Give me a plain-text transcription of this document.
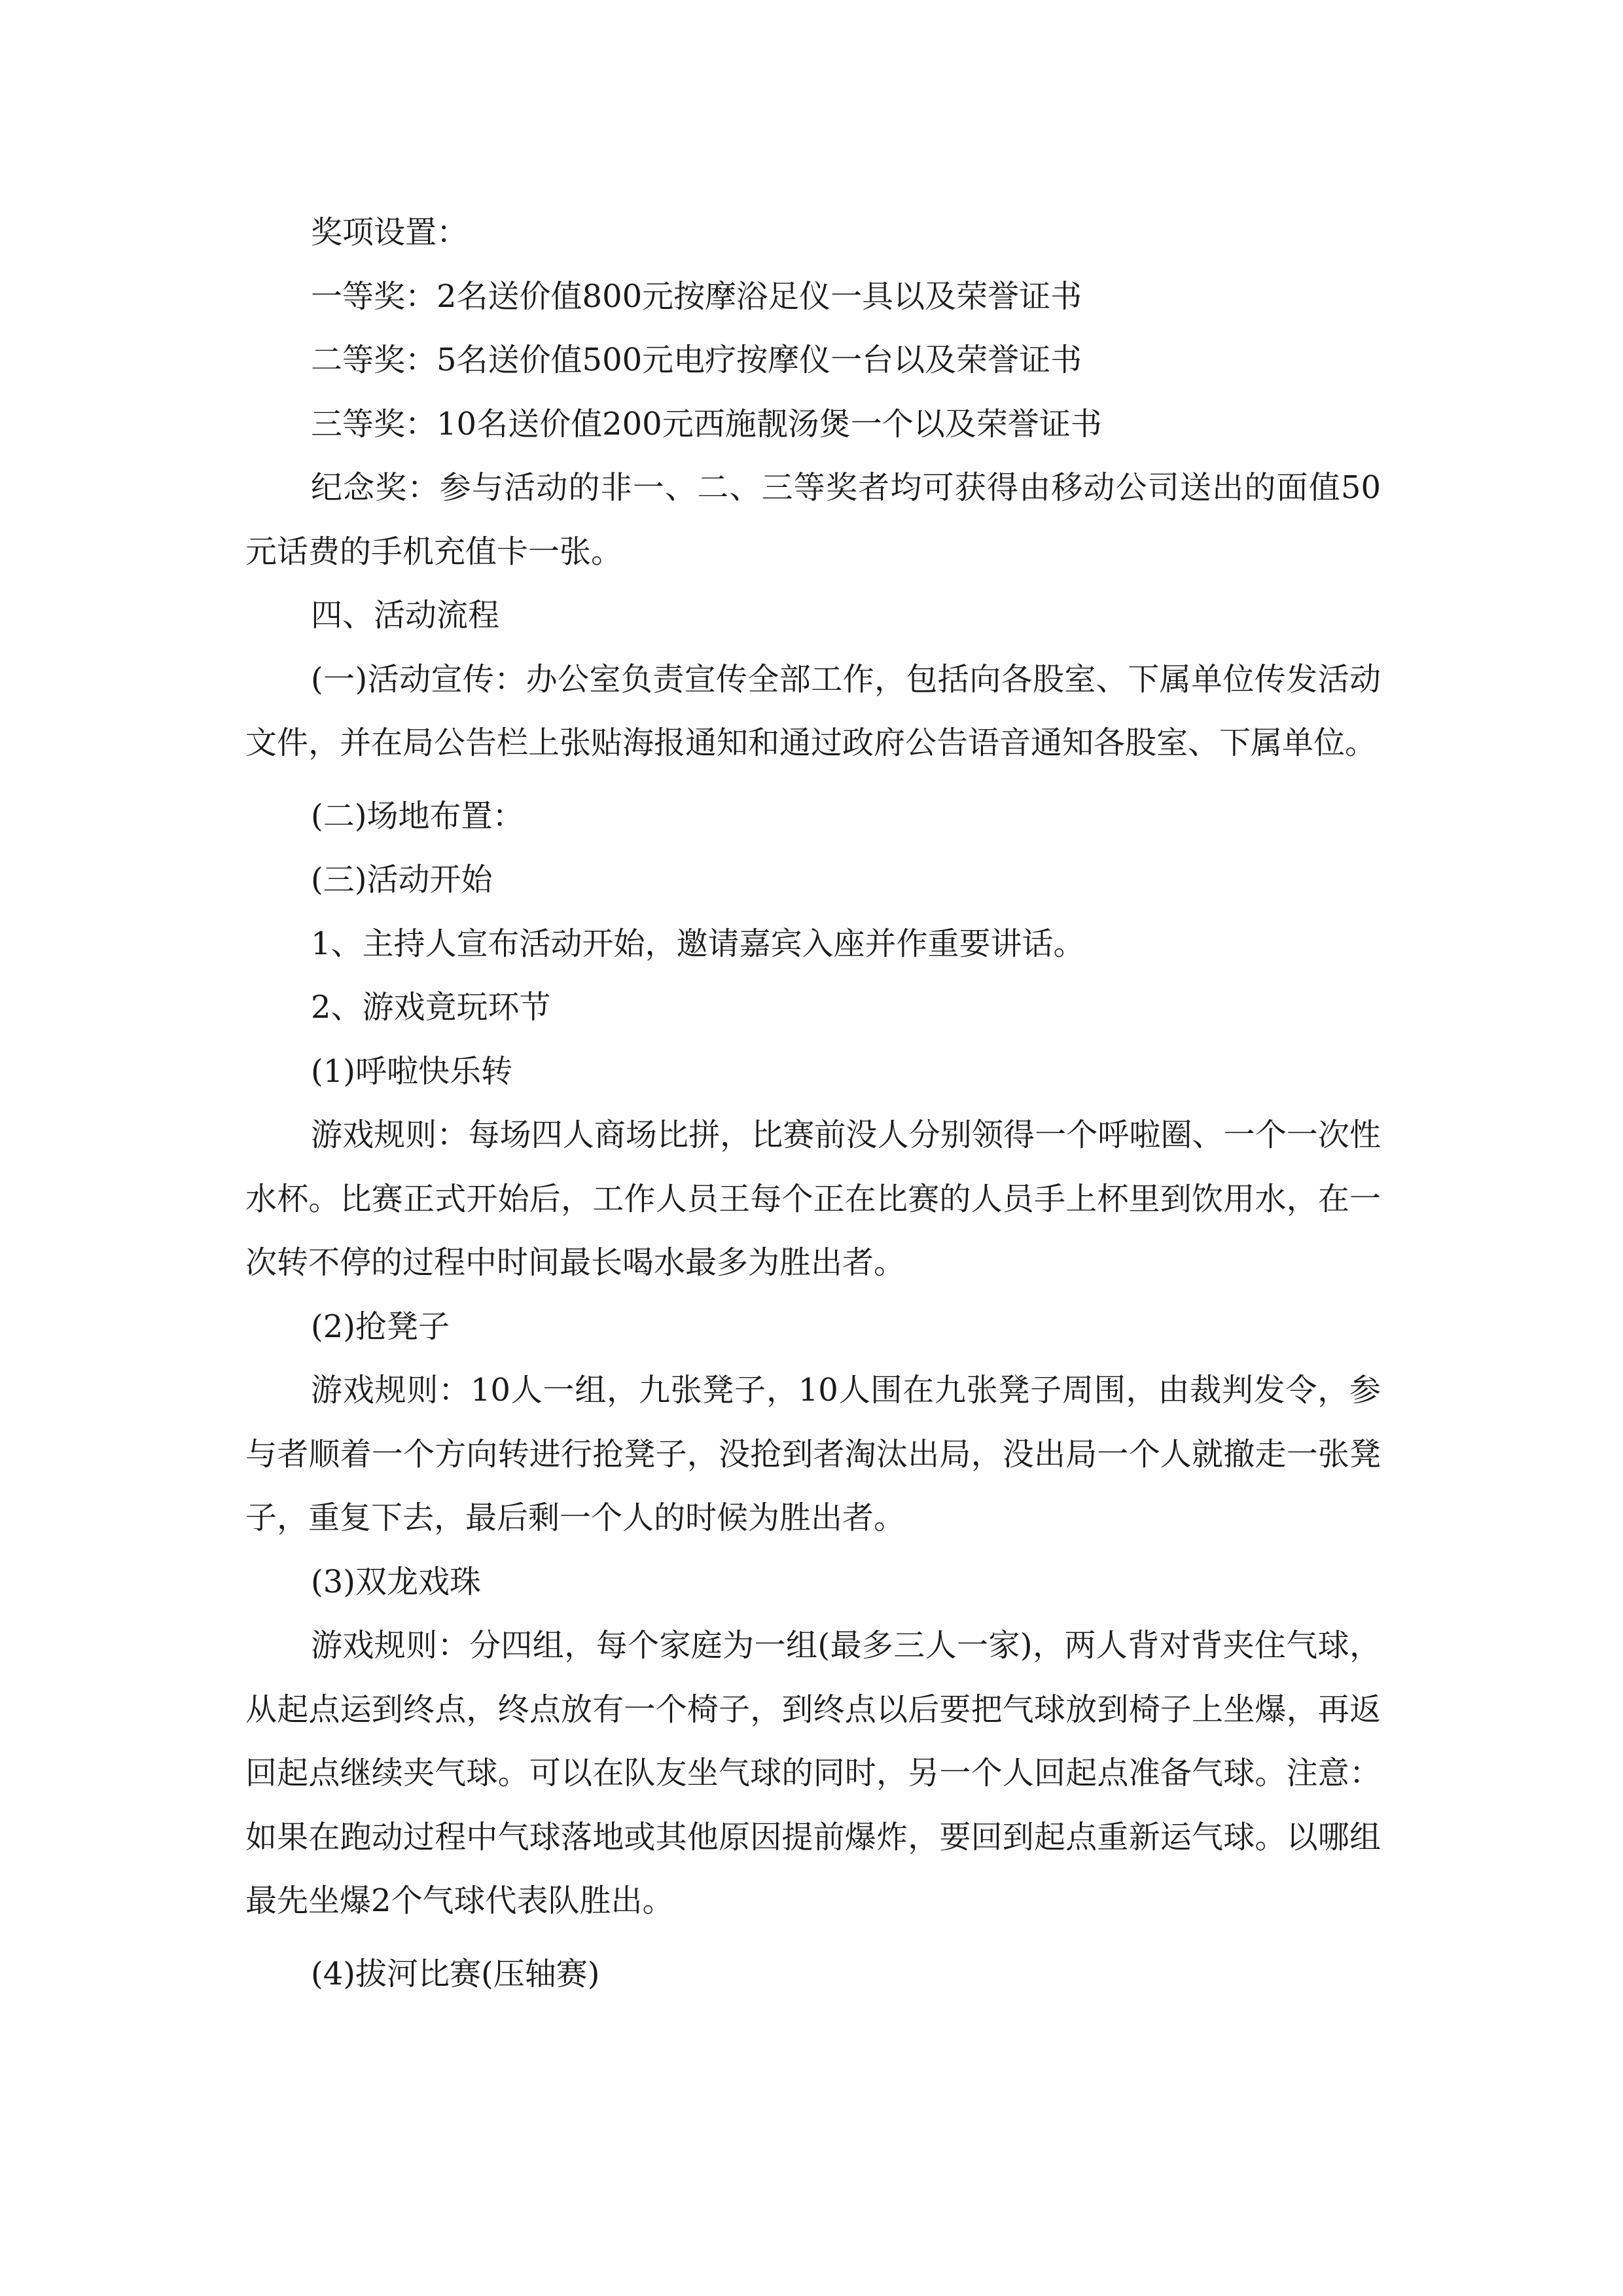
奖项设置：

一等奖：2名送价值800元按摩浴足仪一具以及荣誉证书

二等奖：5名送价值500元电疗按摩仪一台以及荣誉证书

三等奖：10名送价值200元西施靓汤煲一个以及荣誉证书

纪念奖：参与活动的非一、二、三等奖者均可获得由移动公司送出的面值50元话费的手机充值卡一张。

四、活动流程

(一)活动宣传：办公室负责宣传全部工作，包括向各股室、下属单位传发活动文件，并在局公告栏上张贴海报通知和通过政府公告语音通知各股室、下属单位。

(二)场地布置：

(三)活动开始

1、主持人宣布活动开始，邀请嘉宾入座并作重要讲话。

2、游戏竟玩环节

(1)呼啦快乐转

游戏规则：每场四人商场比拼，比赛前没人分别领得一个呼啦圈、一个一次性水杯。比赛正式开始后，工作人员王每个正在比赛的人员手上杯里到饮用水，在一次转不停的过程中时间最长喝水最多为胜出者。

(2)抢凳子

游戏规则：10人一组，九张凳子，10人围在九张凳子周围，由裁判发令，参与者顺着一个方向转进行抢凳子，没抢到者淘汰出局，没出局一个人就撤走一张凳子，重复下去，最后剩一个人的时候为胜出者。

(3)双龙戏珠

游戏规则：分四组，每个家庭为一组(最多三人一家)，两人背对背夹住气球，从起点运到终点，终点放有一个椅子，到终点以后要把气球放到椅子上坐爆，再返回起点继续夹气球。可以在队友坐气球的同时，另一个人回起点准备气球。注意：如果在跑动过程中气球落地或其他原因提前爆炸，要回到起点重新运气球。以哪组最先坐爆2个气球代表队胜出。

(4)拔河比赛(压轴赛)
